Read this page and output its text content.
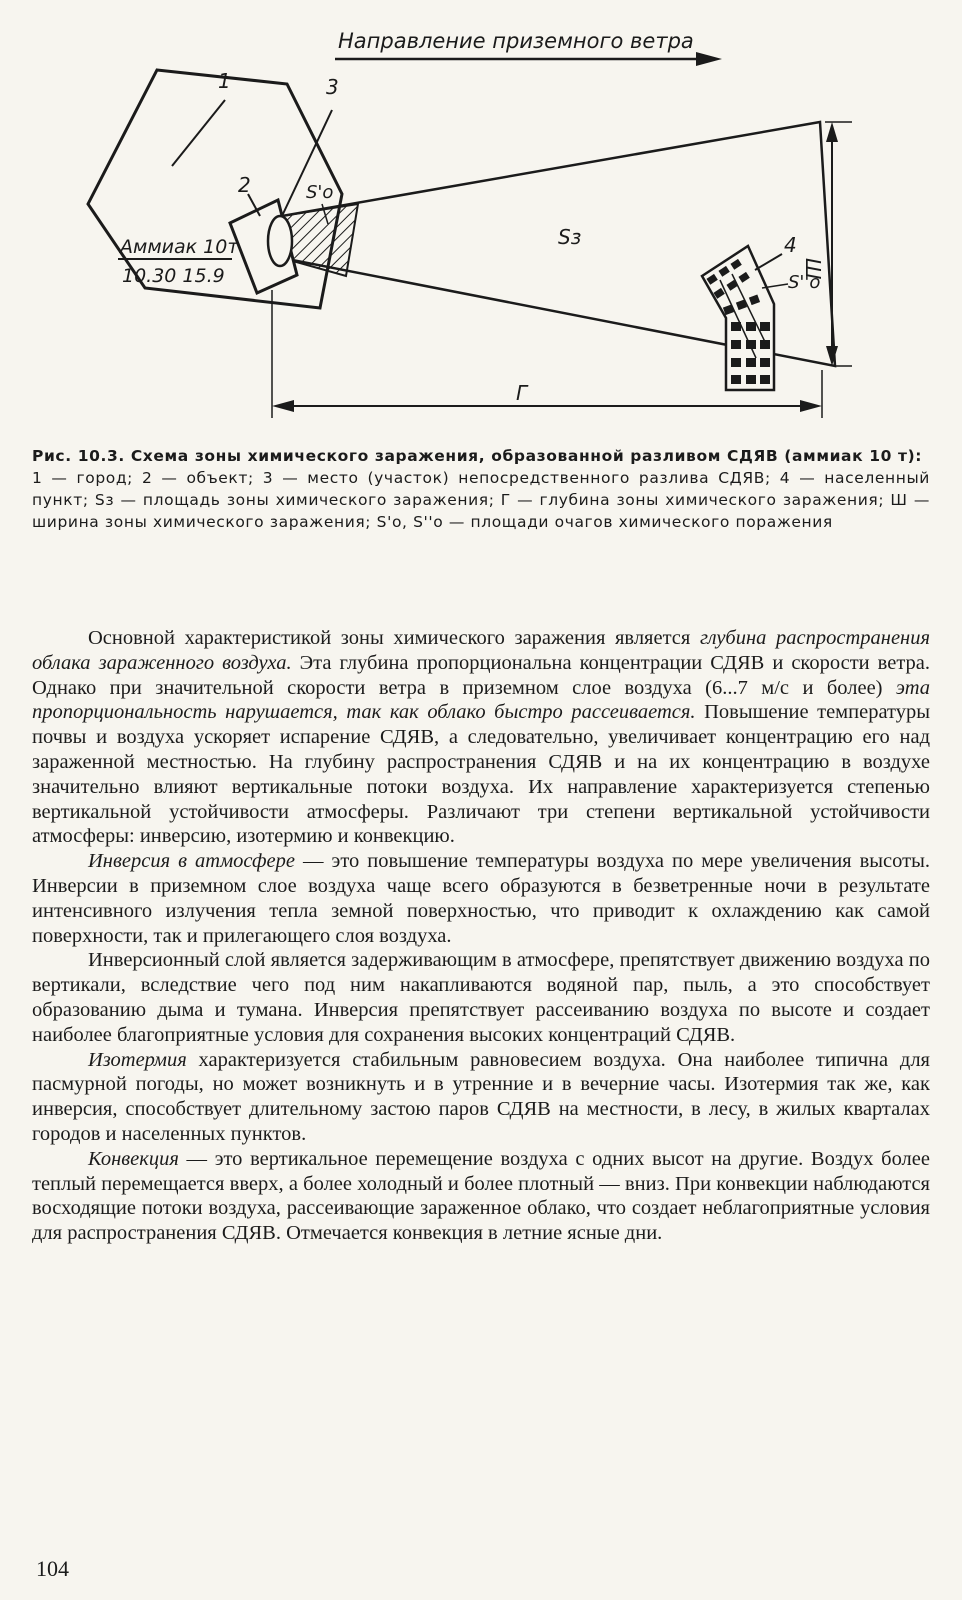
Направление приземного ветра
Аммиак 10т
10.30 15.9
1	3
2	S'о
Sз	4
S''о
Ш
Г
Рис. 10.3. Схема зоны химического заражения, образованной разливом СДЯВ (аммиак 10 т):
1 — город; 2 — объект; 3 — место (участок) непосредственного разлива СДЯВ; 4 — населенный пункт; Sз — площадь зоны химического заражения; Г — глубина зоны химического заражения; Ш — ширина зоны химического заражения; S'о, S''о — площади очагов химического поражения

Основной характеристикой зоны химического заражения является глубина распространения облака зараженного воздуха. Эта глубина пропорциональна концентрации СДЯВ и скорости ветра. Однако при значительной скорости ветра в приземном слое воздуха (6...7 м/с и более) эта пропорциональность нарушается, так как облако быстро рассеивается. Повышение температуры почвы и воздуха ускоряет испарение СДЯВ, а следовательно, увеличивает концентрацию его над зараженной местностью. На глубину распространения СДЯВ и на их концентрацию в воздухе значительно влияют вертикальные потоки воздуха. Их направление характеризуется степенью вертикальной устойчивости атмосферы. Различают три степени вертикальной устойчивости атмосферы: инверсию, изотермию и конвекцию.

Инверсия в атмосфере — это повышение температуры воздуха по мере увеличения высоты. Инверсии в приземном слое воздуха чаще всего образуются в безветренные ночи в результате интенсивного излучения тепла земной поверхностью, что приводит к охлаждению как самой поверхности, так и прилегающего слоя воздуха.

Инверсионный слой является задерживающим в атмосфере, препятствует движению воздуха по вертикали, вследствие чего под ним накапливаются водяной пар, пыль, а это способствует образованию дыма и тумана. Инверсия препятствует рассеиванию воздуха по высоте и создает наиболее благоприятные условия для сохранения высоких концентраций СДЯВ.

Изотермия характеризуется стабильным равновесием воздуха. Она наиболее типична для пасмурной погоды, но может возникнуть и в утренние и в вечерние часы. Изотермия так же, как инверсия, способствует длительному застою паров СДЯВ на местности, в лесу, в жилых кварталах городов и населенных пунктов.

Конвекция — это вертикальное перемещение воздуха с одних высот на другие. Воздух более теплый перемещается вверх, а более холодный и более плотный — вниз. При конвекции наблюдаются восходящие потоки воздуха, рассеивающие зараженное облако, что создает неблагоприятные условия для распространения СДЯВ. Отмечается конвекция в летние ясные дни.

104
